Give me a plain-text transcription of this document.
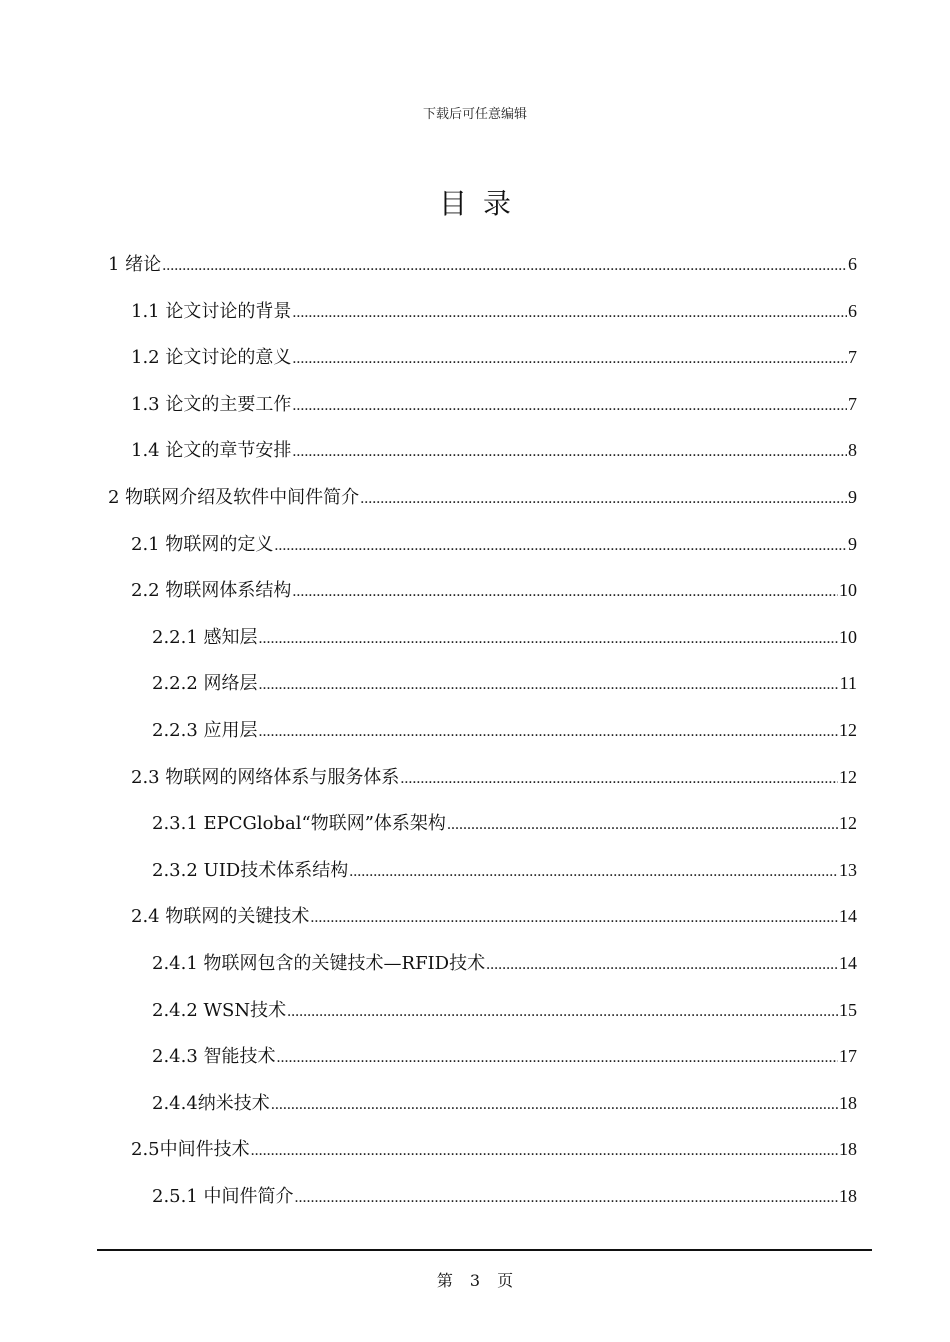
下载后可任意编辑
目录
1 绪论 .....	6
1.1 论文讨论的背景 .....	6
1.2 论文讨论的意义 .....	7
1.3 论文的主要工作 .....	7
1.4 论文的章节安排 .....	8
2 物联网介绍及软件中间件简介 .....	9
2.1 物联网的定义 .....	9
2.2 物联网体系结构 .....	10
2.2.1 感知层 .....	10
2.2.2 网络层 .....	11
2.2.3 应用层 .....	12
2.3 物联网的网络体系与服务体系 .....	12
2.3.1 EPCGlobal“物联网”体系架构 .....	12
2.3.2 UID技术体系结构 .....	13
2.4 物联网的关键技术 .....	14
2.4.1 物联网包含的关键技术—RFID技术 .....	14
2.4.2 WSN技术 .....	15
2.4.3 智能技术 .....	17
2.4.4纳米技术 .....	18
2.5中间件技术 .....	18
2.5.1 中间件简介 .....	18
第 3 页
